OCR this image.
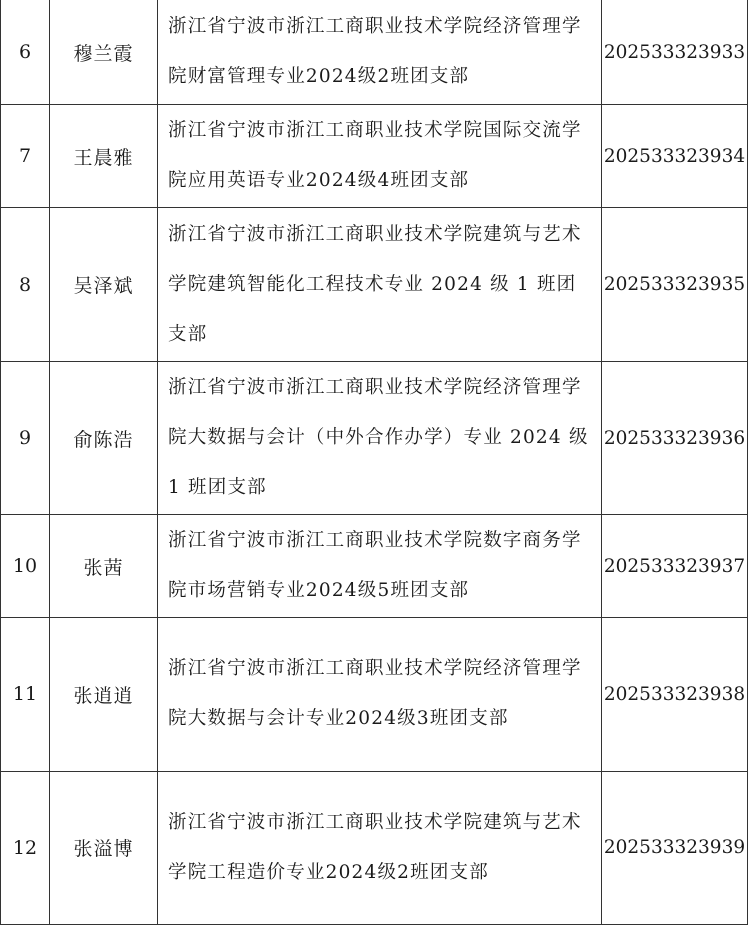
6	穆兰霞	浙江省宁波市浙江工商职业技术学院经济管理学院财富管理专业2024级2班团支部	202533323933
7	王晨雅	浙江省宁波市浙江工商职业技术学院国际交流学院应用英语专业2024级4班团支部	202533323934
8	吴泽斌	浙江省宁波市浙江工商职业技术学院建筑与艺术学院建筑智能化工程技术专业 2024 级 1 班团支部	202533323935
9	俞陈浩	浙江省宁波市浙江工商职业技术学院经济管理学院大数据与会计（中外合作办学）专业 2024 级 1 班团支部	202533323936
10	张茜	浙江省宁波市浙江工商职业技术学院数字商务学院市场营销专业2024级5班团支部	202533323937
11	张逍逍	浙江省宁波市浙江工商职业技术学院经济管理学院大数据与会计专业2024级3班团支部	202533323938
12	张溢博	浙江省宁波市浙江工商职业技术学院建筑与艺术学院工程造价专业2024级2班团支部	202533323939
